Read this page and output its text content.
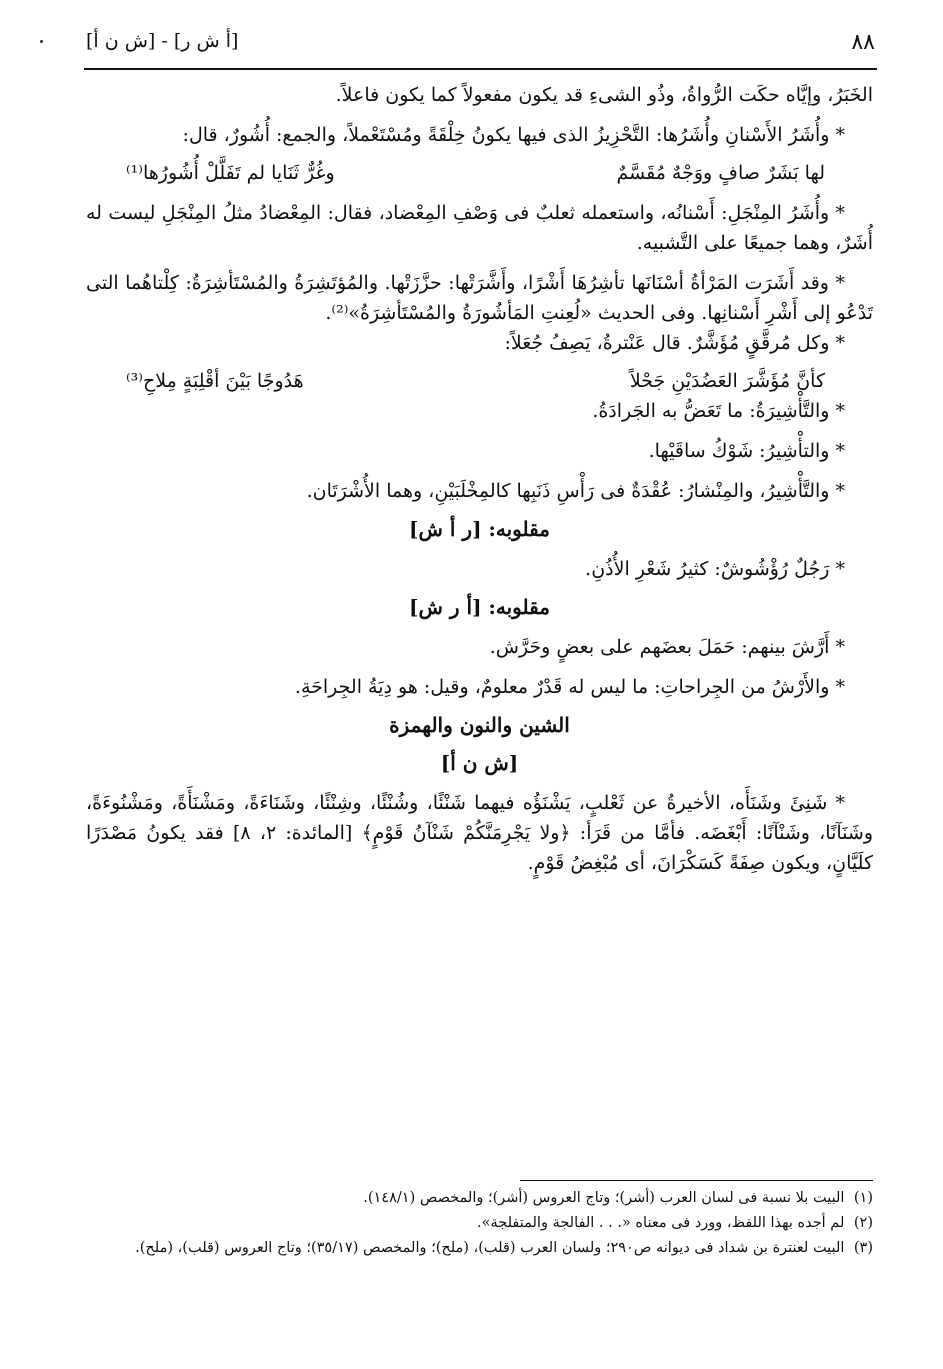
[أ ش ر] - [ش ن أ]	٨٨

الخَبَرُ، وإيَّاه حكَت الرُّواةُ، وذُو الشىءِ قد يكون مفعولاً كما يكون فاعلاً.

* وأُشَرُ الأَسْنانِ وأُشَرُها: التَّحْزِيزُ الذى فيها يكونُ خِلْقَةً ومُسْتَعْملاً، والجمع: أُشُورٌ، قال:

لها بَشَرٌ صافٍ ووَجْهٌ مُقَسَّمٌ
وغُرٌّ ثَنَايا لم تَفَلَّلْ أُشُورُها⁽¹⁾

* وأُشَرُ المِنْجَلِ: أَسْنانُه، واستعمله ثعلبٌ فى وَصْفِ المِعْضاد، فقال: المِعْضادُ مثلُ المِنْجَلِ ليست له أُشَرٌ، وهما جميعًا على التَّشبيه.

* وقد أَشَرَت المَرْأةُ أسْنَانَها تأشِرُهَا أَشْرًا، وأَشَّرَتْها: حزَّزَتْها. والمُؤتَشِرَةُ والمُسْتَأشِرَةُ: كِلْتاهُما التى تَدْعُو إلى أَشْرِ أَسْنانِها. وفى الحديث «لُعِنتِ المَأشُورَةُ والمُسْتَأشِرَةُ»⁽²⁾.

* وكل مُرقَّقٍ مُؤَشَّرٌ. قال عَنْترةُ، يَصِفُ جُعَلاً:

كأنَّ مُؤَشَّرَ العَضُدَيْنِ جَحْلاً
هَدُوجًا بَيْنَ أقْلِبَةٍ مِلاحِ⁽³⁾

* والتَّأْشِيرَةُ: ما تَعَضُّ به الجَرادَةُ.

* والتأْشِيرُ: شَوْكُ ساقَيْها.

* والتَّأْشِيرُ، والمِنْشارُ: عُقْدَةٌ فى رَأْسِ ذَنَبِها كالمِخْلَبَيْنِ، وهما الأُشْرَتَان.

مقلوبه: [ر أ ش]

* رَجُلٌ رُؤْشُوشٌ: كثيرُ شَعْرِ الأُذُنِ.

مقلوبه: [أ ر ش]

* أَرَّشَ بينهم: حَمَلَ بعضَهم على بعضٍ وحَرَّش.

* والأَرْشُ من الجِراحاتِ: ما ليس له قَدْرٌ معلومٌ، وقيل: هو دِيَةُ الجِراحَةِ.

الشين والنون والهمزة
[ش ن أ]

* شَنِئَ وشَنَأَه، الأخيرةُ عن ثَعْلبٍ، يَشْنَؤُه فيهما شَنْئًا، وشُنْئًا، وشِنْئًا، وشَنَاءَةً، ومَشْنَأَةً، ومَشْنُوءَةً، وشَنَآنًا، وشَنْآنًا: أَبْغَضَه. فأمَّا من قَرَأ: ﴿ولا يَجْرِمَنَّكُمْ شَنْآنُ قَوْمٍ﴾ [المائدة: ٢، ٨] فقد يكونُ مَصْدَرًا كلَيَّانٍ، ويكون صِفَةً كَسَكْرَانَ، أى مُبْغِضُ قَوْمٍ.

(١) البيت بلا نسبة فى لسان العرب (أشر)؛ وتاج العروس (أشر)؛ والمخصص (١٤٨/١).

(٢) لم أجده بهذا اللفظ، وورد فى معناه «. . . الفالجة والمتفلجة».

(٣) البيت لعنترة بن شداد فى ديوانه ص٢٩٠؛ ولسان العرب (قلب)، (ملح)؛ والمخصص (٣٥/١٧)؛ وتاج العروس (قلب)، (ملح).
